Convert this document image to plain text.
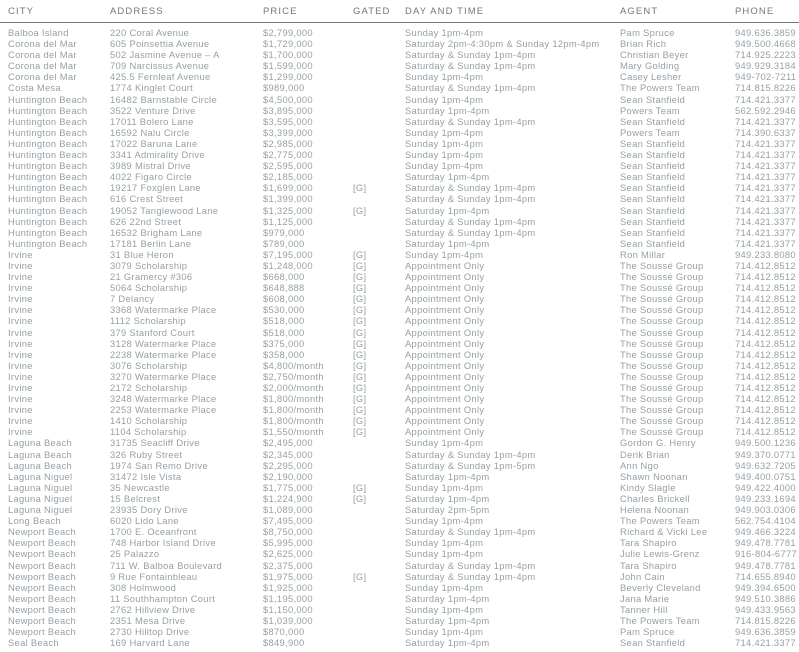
CITY	ADDRESS	PRICE	GATED	DAY AND TIME	AGENT	PHONE
Balboa Island	220 Coral Avenue	$2,799,000		Sunday 1pm-4pm	Pam Spruce	949.636.3859
Corona del Mar	605 Poinsettia Avenue	$1,729,000		Saturday 2pm-4:30pm & Sunday 12pm-4pm	Brian Rich	949.500.4668
Corona del Mar	502 Jasmine Avenue – A	$1,700,000		Saturday & Sunday 1pm-4pm	Christian Beyer	714.925.2223
Corona del Mar	709 Narcissus Avenue	$1,599,000		Saturday & Sunday 1pm-4pm	Mary Golding	949.929.3184
Corona del Mar	425.5 Fernleaf Avenue	$1,299,000		Sunday 1pm-4pm	Casey Lesher	949-702-7211
Costa Mesa	1774 Kinglet Court	$989,000		Saturday & Sunday 1pm-4pm	The Powers Team	714.815.8226
Huntington Beach	16482 Barnstable Circle	$4,500,000		Sunday 1pm-4pm	Sean Stanfield	714.421.3377
Huntington Beach	3522 Venture Drive	$3,895,000		Saturday 1pm-4pm	Powers Team	562.592.2946
Huntington Beach	17011 Bolero Lane	$3,595,000		Saturday & Sunday 1pm-4pm	Sean Stanfield	714.421.3377
Huntington Beach	16592 Nalu Circle	$3,399,000		Sunday 1pm-4pm	Powers Team	714.390.6337
Huntington Beach	17022 Baruna Lane	$2,985,000		Sunday 1pm-4pm	Sean Stanfield	714.421.3377
Huntington Beach	3341 Admirality Drive	$2,775,000		Sunday 1pm-4pm	Sean Stanfield	714.421.3377
Huntington Beach	3989 Mistral Drive	$2,595,000		Sunday 1pm-4pm	Sean Stanfield	714.421.3377
Huntington Beach	4022 Figaro Circle	$2,185,000		Saturday 1pm-4pm	Sean Stanfield	714.421.3377
Huntington Beach	19217 Foxglen Lane	$1,699,000	[G]	Saturday & Sunday 1pm-4pm	Sean Stanfield	714.421.3377
Huntington Beach	616 Crest Street	$1,399,000		Saturday & Sunday 1pm-4pm	Sean Stanfield	714.421.3377
Huntington Beach	19052 Tanglewood Lane	$1,325,000	[G]	Saturday 1pm-4pm	Sean Stanfield	714.421.3377
Huntington Beach	626 22nd Street	$1,125,000		Saturday & Sunday 1pm-4pm	Sean Stanfield	714.421.3377
Huntington Beach	16532 Brigham Lane	$979,000		Saturday & Sunday 1pm-4pm	Sean Stanfield	714.421.3377
Huntington Beach	17181 Berlin Lane	$789,000		Saturday 1pm-4pm	Sean Stanfield	714.421.3377
Irvine	31 Blue Heron	$7,195,000	[G]	Sunday 1pm-4pm	Ron Millar	949.233.8080
Irvine	3079 Scholarship	$1,248,000	[G]	Appointment Only	The Soussé Group	714.412.8512
Irvine	21 Gramercy #306	$668,000	[G]	Appointment Only	The Soussé Group	714.412.8512
Irvine	5064 Scholarship	$648,888	[G]	Appointment Only	The Soussé Group	714.412.8512
Irvine	7 Delancy	$608,000	[G]	Appointment Only	The Soussé Group	714.412.8512
Irvine	3368 Watermarke Place	$530,000	[G]	Appointment Only	The Soussé Group	714.412.8512
Irvine	1112 Scholarship	$518,000	[G]	Appointment Only	The Soussé Group	714.412.8512
Irvine	379 Stanford Court	$518,000	[G]	Appointment Only	The Soussé Group	714.412.8512
Irvine	3128 Watermarke Place	$375,000	[G]	Appointment Only	The Soussé Group	714.412.8512
Irvine	2238 Watermarke Place	$358,000	[G]	Appointment Only	The Soussé Group	714.412.8512
Irvine	3076 Scholarship	$4,800/month	[G]	Appointment Only	The Soussé Group	714.412.8512
Irvine	3270 Watermarke Place	$2,750/month	[G]	Appointment Only	The Soussé Group	714.412.8512
Irvine	2172 Scholarship	$2,000/month	[G]	Appointment Only	The Soussé Group	714.412.8512
Irvine	3248 Watermarke Place	$1,800/month	[G]	Appointment Only	The Soussé Group	714.412.8512
Irvine	2253 Watermarke Place	$1,800/month	[G]	Appointment Only	The Soussé Group	714.412.8512
Irvine	1410 Scholarship	$1,800/month	[G]	Appointment Only	The Soussé Group	714.412.8512
Irvine	1104 Scholarship	$1,550/month	[G]	Appointment Only	The Soussé Group	714.412.8512
Laguna Beach	31735 Seacliff Drive	$2,495,000		Sunday 1pm-4pm	Gordon G. Henry	949.500.1236
Laguna Beach	326 Ruby Street	$2,345,000		Saturday & Sunday 1pm-4pm	Derik Brian	949.370.0771
Laguna Beach	1974 San Remo Drive	$2,295,000		Saturday & Sunday 1pm-5pm	Ann Ngo	949.632.7205
Laguna Niguel	31472 Isle Vista	$2,190,000		Saturday 1pm-4pm	Shawn Noonan	949.400.0751
Laguna Niguel	35 Newcastle	$1,775,000	[G]	Sunday 1pm-4pm	Kindy Slagle	949.422.4000
Laguna Niguel	15 Belcrest	$1,224,900	[G]	Saturday 1pm-4pm	Charles Brickell	949.233.1694
Laguna Niguel	23935 Dory Drive	$1,089,000		Saturday 2pm-5pm	Helena Noonan	949.903.0306
Long Beach	6020 Lido Lane	$7,495,000		Sunday 1pm-4pm	The Powers Team	562.754.4104
Newport Beach	1700 E. Oceanfront	$8,750,000		Saturday & Sunday 1pm-4pm	Richard & Vicki Lee	949.466.3224
Newport Beach	748 Harbor Island Drive	$5,995,000		Sunday 1pm-4pm	Tara Shapiro	949.478.7781
Newport Beach	25 Palazzo	$2,625,000		Sunday 1pm-4pm	Julie Lewis-Grenz	916-804-6777
Newport Beach	711 W. Balboa Boulevard	$2,375,000		Saturday & Sunday 1pm-4pm	Tara Shapiro	949.478.7781
Newport Beach	9 Rue Fontainbleau	$1,975,000	[G]	Saturday & Sunday 1pm-4pm	John Cain	714.655.8940
Newport Beach	308 Holmwood	$1,925,000		Sunday 1pm-4pm	Beverly Cleveland	949.394.6500
Newport Beach	11 Southhampton Court	$1,195,000		Saturday 1pm-4pm	Jana Marie	949.510.3886
Newport Beach	2762 Hillview Drive	$1,150,000		Sunday 1pm-4pm	Tanner Hill	949.433.9563
Newport Beach	2351 Mesa Drive	$1,039,000		Saturday 1pm-4pm	The Powers Team	714.815.8226
Newport Beach	2730 Hilltop Drive	$870,000		Sunday 1pm-4pm	Pam Spruce	949.636.3859
Seal Beach	169 Harvard Lane	$849,900		Saturday 1pm-4pm	Sean Stanfield	714.421.3377
